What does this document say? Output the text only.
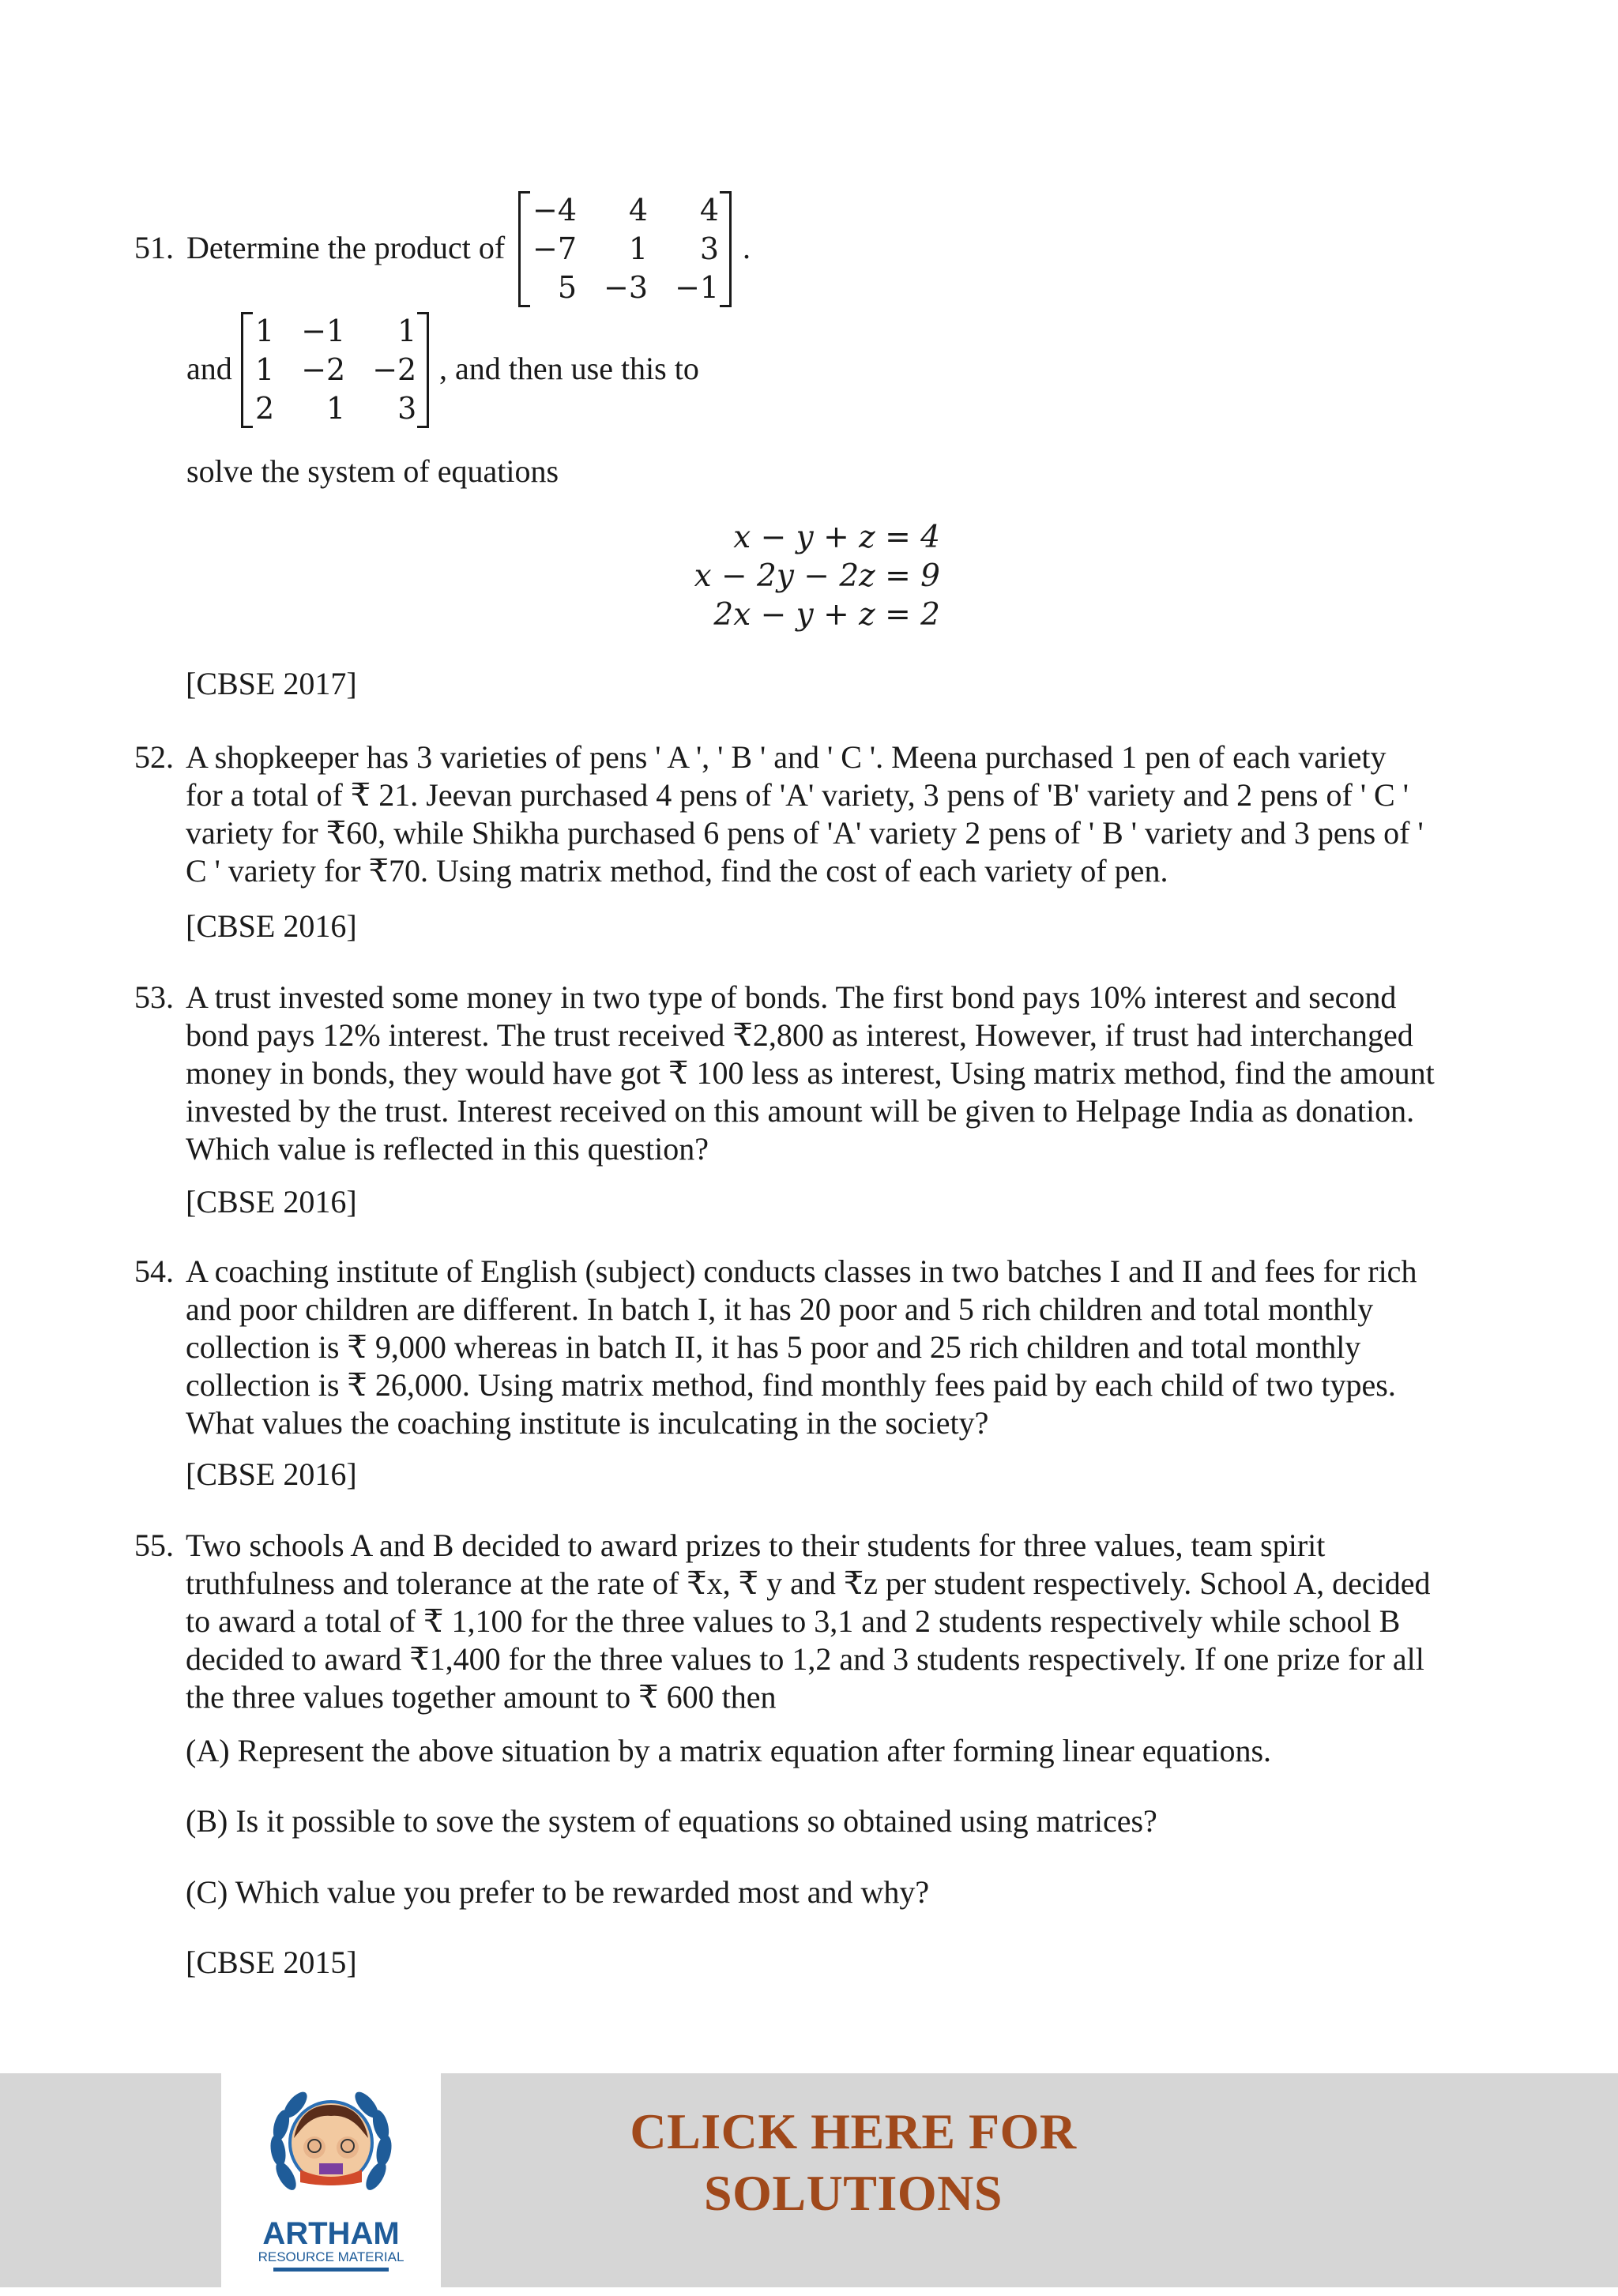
51. Determine the product of
−4	4	4
−7	1	3
5	−3	−1
.
and
1	−1	1
1	−2	−2
2	1	3
, and then use this to
solve the system of equations
x − y + z = 4
x − 2y − 2z = 9
2x − y + z = 2
[CBSE 2017]
52. A shopkeeper has 3 varieties of pens ' A ', ' B ' and ' C '. Meena purchased 1 pen of each variety
for a total of ₹ 21. Jeevan purchased 4 pens of 'A' variety, 3 pens of 'B' variety and 2 pens of ' C '
variety for ₹60, while Shikha purchased 6 pens of 'A' variety 2 pens of ' B ' variety and 3 pens of '
C ' variety for ₹70. Using matrix method, find the cost of each variety of pen.
[CBSE 2016]
53. A trust invested some money in two type of bonds. The first bond pays 10% interest and second
bond pays 12% interest. The trust received ₹2,800 as interest, However, if trust had interchanged
money in bonds, they would have got ₹ 100 less as interest, Using matrix method, find the amount
invested by the trust. Interest received on this amount will be given to Helpage India as donation.
Which value is reflected in this question?
[CBSE 2016]
54. A coaching institute of English (subject) conducts classes in two batches I and II and fees for rich
and poor children are different. In batch I, it has 20 poor and 5 rich children and total monthly
collection is ₹ 9,000 whereas in batch II, it has 5 poor and 25 rich children and total monthly
collection is ₹ 26,000. Using matrix method, find monthly fees paid by each child of two types.
What values the coaching institute is inculcating in the society?
[CBSE 2016]
55. Two schools A and B decided to award prizes to their students for three values, team spirit
truthfulness and tolerance at the rate of ₹x, ₹ y and ₹z per student respectively. School A, decided
to award a total of ₹ 1,100 for the three values to 3,1 and 2 students respectively while school B
decided to award ₹1,400 for the three values to 1,2 and 3 students respectively. If one prize for all
the three values together amount to ₹ 600 then
(A) Represent the above situation by a matrix equation after forming linear equations.
(B) Is it possible to sove the system of equations so obtained using matrices?
(C) Which value you prefer to be rewarded most and why?
[CBSE 2015]
ARTHAM
RESOURCE MATERIAL
CLICK HERE FOR
SOLUTIONS
